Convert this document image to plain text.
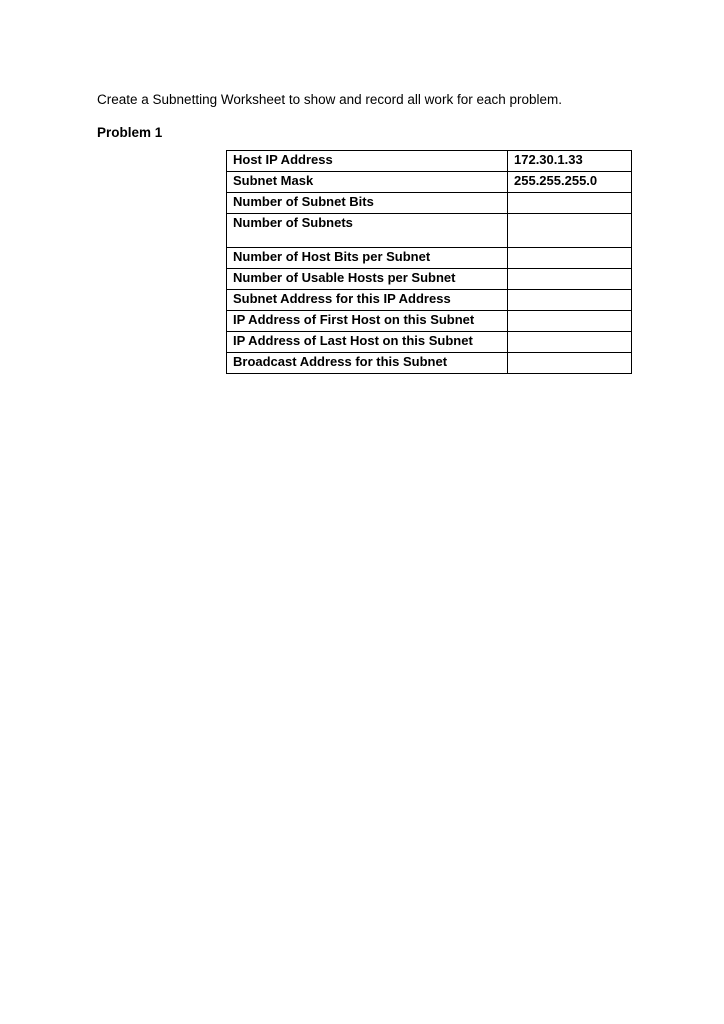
Create a Subnetting Worksheet to show and record all work for each problem.

Problem 1

Host IP Address	172.30.1.33
Subnet Mask	255.255.255.0
Number of Subnet Bits	
Number of Subnets	
Number of Host Bits per Subnet	
Number of Usable Hosts per Subnet	
Subnet Address for this IP Address	
IP Address of First Host on this Subnet	
IP Address of Last Host on this Subnet	
Broadcast Address for this Subnet	
